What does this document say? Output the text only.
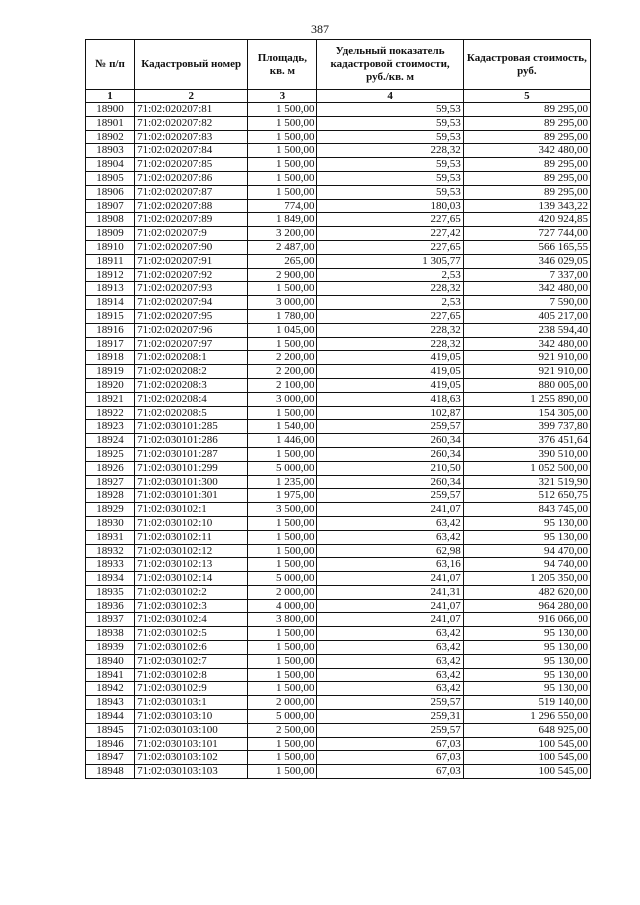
387
№ п/п	Кадастровый номер	Площадь, кв. м	Удельный показатель кадастровой стоимости, руб./кв. м	Кадастровая стоимость, руб.
1	2	3	4	5
18900	71:02:020207:81	1 500,00	59,53	89 295,00
18901	71:02:020207:82	1 500,00	59,53	89 295,00
18902	71:02:020207:83	1 500,00	59,53	89 295,00
18903	71:02:020207:84	1 500,00	228,32	342 480,00
18904	71:02:020207:85	1 500,00	59,53	89 295,00
18905	71:02:020207:86	1 500,00	59,53	89 295,00
18906	71:02:020207:87	1 500,00	59,53	89 295,00
18907	71:02:020207:88	774,00	180,03	139 343,22
18908	71:02:020207:89	1 849,00	227,65	420 924,85
18909	71:02:020207:9	3 200,00	227,42	727 744,00
18910	71:02:020207:90	2 487,00	227,65	566 165,55
18911	71:02:020207:91	265,00	1 305,77	346 029,05
18912	71:02:020207:92	2 900,00	2,53	7 337,00
18913	71:02:020207:93	1 500,00	228,32	342 480,00
18914	71:02:020207:94	3 000,00	2,53	7 590,00
18915	71:02:020207:95	1 780,00	227,65	405 217,00
18916	71:02:020207:96	1 045,00	228,32	238 594,40
18917	71:02:020207:97	1 500,00	228,32	342 480,00
18918	71:02:020208:1	2 200,00	419,05	921 910,00
18919	71:02:020208:2	2 200,00	419,05	921 910,00
18920	71:02:020208:3	2 100,00	419,05	880 005,00
18921	71:02:020208:4	3 000,00	418,63	1 255 890,00
18922	71:02:020208:5	1 500,00	102,87	154 305,00
18923	71:02:030101:285	1 540,00	259,57	399 737,80
18924	71:02:030101:286	1 446,00	260,34	376 451,64
18925	71:02:030101:287	1 500,00	260,34	390 510,00
18926	71:02:030101:299	5 000,00	210,50	1 052 500,00
18927	71:02:030101:300	1 235,00	260,34	321 519,90
18928	71:02:030101:301	1 975,00	259,57	512 650,75
18929	71:02:030102:1	3 500,00	241,07	843 745,00
18930	71:02:030102:10	1 500,00	63,42	95 130,00
18931	71:02:030102:11	1 500,00	63,42	95 130,00
18932	71:02:030102:12	1 500,00	62,98	94 470,00
18933	71:02:030102:13	1 500,00	63,16	94 740,00
18934	71:02:030102:14	5 000,00	241,07	1 205 350,00
18935	71:02:030102:2	2 000,00	241,31	482 620,00
18936	71:02:030102:3	4 000,00	241,07	964 280,00
18937	71:02:030102:4	3 800,00	241,07	916 066,00
18938	71:02:030102:5	1 500,00	63,42	95 130,00
18939	71:02:030102:6	1 500,00	63,42	95 130,00
18940	71:02:030102:7	1 500,00	63,42	95 130,00
18941	71:02:030102:8	1 500,00	63,42	95 130,00
18942	71:02:030102:9	1 500,00	63,42	95 130,00
18943	71:02:030103:1	2 000,00	259,57	519 140,00
18944	71:02:030103:10	5 000,00	259,31	1 296 550,00
18945	71:02:030103:100	2 500,00	259,57	648 925,00
18946	71:02:030103:101	1 500,00	67,03	100 545,00
18947	71:02:030103:102	1 500,00	67,03	100 545,00
18948	71:02:030103:103	1 500,00	67,03	100 545,00
